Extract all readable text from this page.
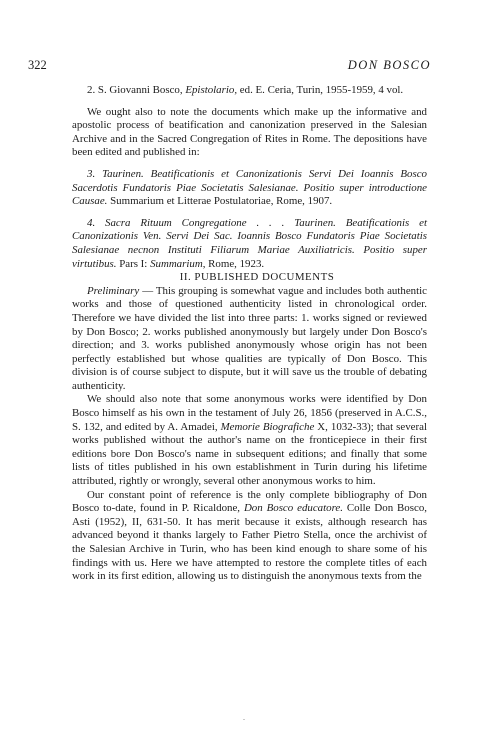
322	DON BOSCO

2. S. Giovanni Bosco, Epistolario, ed. E. Ceria, Turin, 1955-1959, 4 vol.

We ought also to note the documents which make up the informative and apostolic process of beatification and canonization preserved in the Salesian Archive and in the Sacred Congregation of Rites in Rome. The depositions have been edited and published in:

3. Taurinen. Beatificationis et Canonizationis Servi Dei Ioannis Bosco Sacerdotis Fundatoris Piae Societatis Salesianae. Positio super introductione Causae. Summarium et Litterae Postulatoriae, Rome, 1907.

4. Sacra Rituum Congregatione . . . Taurinen. Beatificationis et Canonizationis Ven. Servi Dei Sac. Ioannis Bosco Fundatoris Piae Societatis Salesianae necnon Instituti Filiarum Mariae Auxiliatricis. Positio super virtutibus. Pars I: Summarium, Rome, 1923.

II. PUBLISHED DOCUMENTS

Preliminary — This grouping is somewhat vague and includes both authentic works and those of questioned authenticity listed in chronological order. Therefore we have divided the list into three parts: 1. works signed or reviewed by Don Bosco; 2. works published anonymously but largely under Don Bosco's direction; and 3. works published anonymously whose origin has not been perfectly established but whose qualities are typically of Don Bosco. This division is of course subject to dispute, but it will save us the trouble of debating authenticity.

We should also note that some anonymous works were identified by Don Bosco himself as his own in the testament of July 26, 1856 (preserved in A.C.S., S. 132, and edited by A. Amadei, Memorie Biografiche X, 1032-33); that several works published without the author's name on the fronticepiece in their first editions bore Don Bosco's name in subsequent editions; and finally that some lists of titles published in his own establishment in Turin during his lifetime attributed, rightly or wrongly, several other anonymous works to him.

Our constant point of reference is the only complete bibliography of Don Bosco to-date, found in P. Ricaldone, Don Bosco educatore. Colle Don Bosco, Asti (1952), II, 631-50. It has merit because it exists, although research has advanced beyond it thanks largely to Father Pietro Stella, once the archivist of the Salesian Archive in Turin, who has been kind enough to share some of his findings with us. Here we have attempted to restore the complete titles of each work in its first edition, allowing us to distinguish the anonymous texts from the

.
